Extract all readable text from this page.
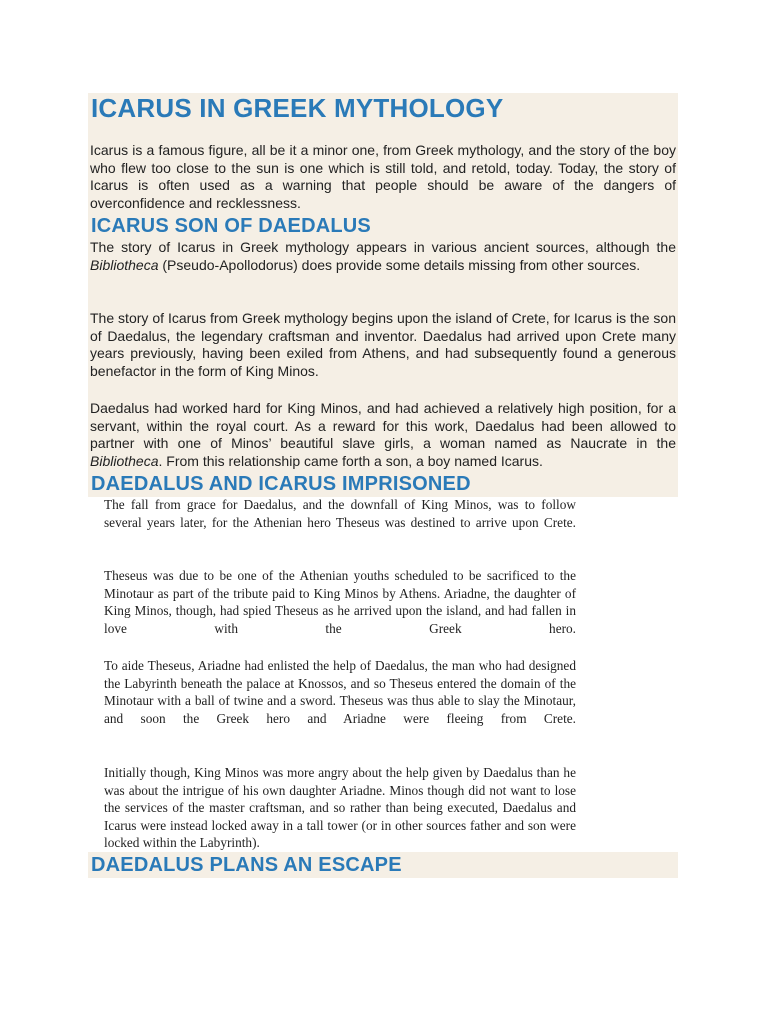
ICARUS IN GREEK MYTHOLOGY

Icarus is a famous figure, all be it a minor one, from Greek mythology, and the story of the boy who flew too close to the sun is one which is still told, and retold, today. Today, the story of Icarus is often used as a warning that people should be aware of the dangers of overconfidence and recklessness.

ICARUS SON OF DAEDALUS

The story of Icarus in Greek mythology appears in various ancient sources, although the Bibliotheca (Pseudo-Apollodorus) does provide some details missing from other sources.

The story of Icarus from Greek mythology begins upon the island of Crete, for Icarus is the son of Daedalus, the legendary craftsman and inventor. Daedalus had arrived upon Crete many years previously, having been exiled from Athens, and had subsequently found a generous benefactor in the form of King Minos.

Daedalus had worked hard for King Minos, and had achieved a relatively high position, for a servant, within the royal court. As a reward for this work, Daedalus had been allowed to partner with one of Minos’ beautiful slave girls, a woman named as Naucrate in the Bibliotheca. From this relationship came forth a son, a boy named Icarus.

DAEDALUS AND ICARUS IMPRISONED

The fall from grace for Daedalus, and the downfall of King Minos, was to follow several years later, for the Athenian hero Theseus was destined to arrive upon Crete.

Theseus was due to be one of the Athenian youths scheduled to be sacrificed to the Minotaur as part of the tribute paid to King Minos by Athens. Ariadne, the daughter of King Minos, though, had spied Theseus as he arrived upon the island, and had fallen in love with the Greek hero.

To aide Theseus, Ariadne had enlisted the help of Daedalus, the man who had designed the Labyrinth beneath the palace at Knossos, and so Theseus entered the domain of the Minotaur with a ball of twine and a sword. Theseus was thus able to slay the Minotaur, and soon the Greek hero and Ariadne were fleeing from Crete.

Initially though, King Minos was more angry about the help given by Daedalus than he was about the intrigue of his own daughter Ariadne. Minos though did not want to lose the services of the master craftsman, and so rather than being executed, Daedalus and Icarus were instead locked away in a tall tower (or in other sources father and son were locked within the Labyrinth).

DAEDALUS PLANS AN ESCAPE
